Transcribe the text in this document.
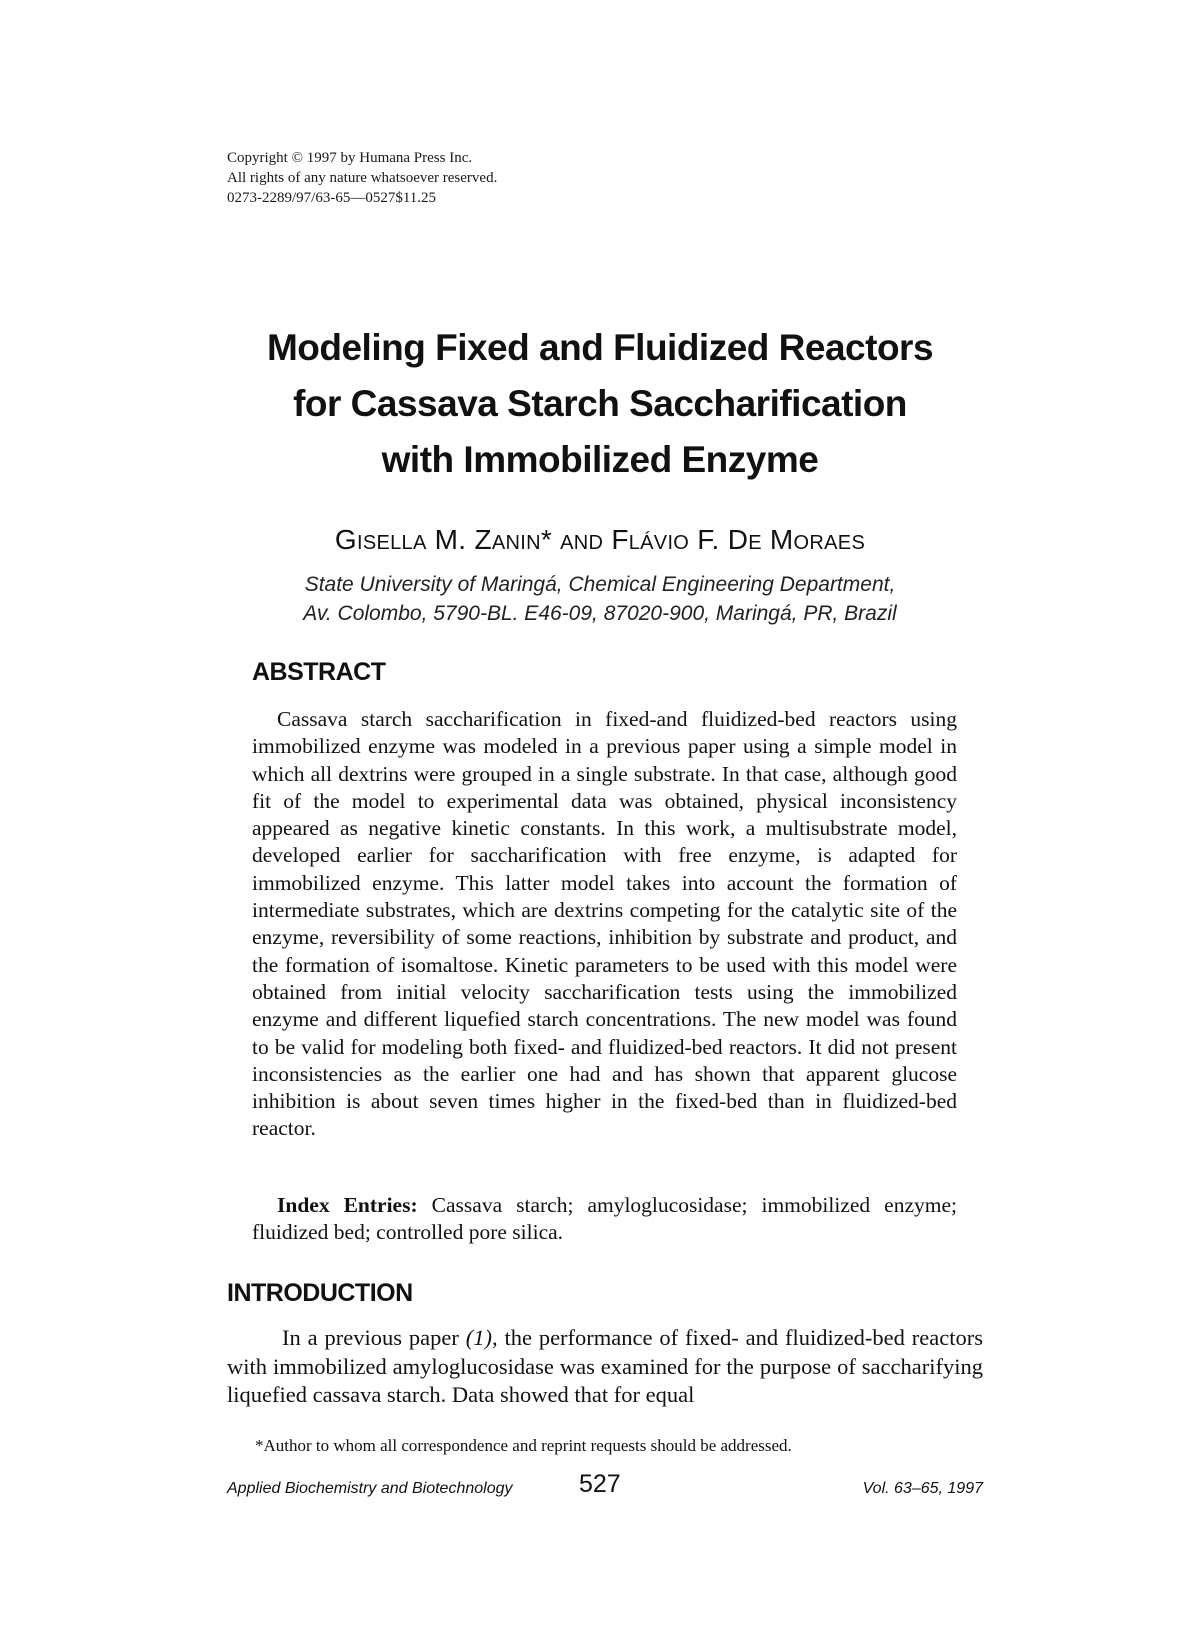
Copyright © 1997 by Humana Press Inc.
All rights of any nature whatsoever reserved.
0273-2289/97/63-65—0527$11.25
Modeling Fixed and Fluidized Reactors
for Cassava Starch Saccharification
with Immobilized Enzyme
Gisella M. Zanin* and Flávio F. De Moraes
State University of Maringá, Chemical Engineering Department,
Av. Colombo, 5790-BL. E46-09, 87020-900, Maringá, PR, Brazil
ABSTRACT

Cassava starch saccharification in fixed-and fluidized-bed reactors using immobilized enzyme was modeled in a previous paper using a simple model in which all dextrins were grouped in a single substrate. In that case, although good fit of the model to experimental data was obtained, physical inconsistency appeared as negative kinetic constants. In this work, a multisubstrate model, developed earlier for saccharification with free enzyme, is adapted for immobilized enzyme. This latter model takes into account the formation of intermediate substrates, which are dextrins competing for the catalytic site of the enzyme, reversibility of some reactions, inhibition by substrate and product, and the formation of isomaltose. Kinetic parameters to be used with this model were obtained from initial velocity saccharification tests using the immobilized enzyme and different liquefied starch concentrations. The new model was found to be valid for modeling both fixed- and fluidized-bed reactors. It did not present inconsistencies as the earlier one had and has shown that apparent glucose inhibition is about seven times higher in the fixed-bed than in fluidized-bed reactor.

Index Entries: Cassava starch; amyloglucosidase; immobilized enzyme; fluidized bed; controlled pore silica.

INTRODUCTION

In a previous paper (1), the performance of fixed- and fluidized-bed reactors with immobilized amyloglucosidase was examined for the purpose of saccharifying liquefied cassava starch. Data showed that for equal

*Author to whom all correspondence and reprint requests should be addressed.
Applied Biochemistry and Biotechnology	527	Vol. 63–65, 1997
